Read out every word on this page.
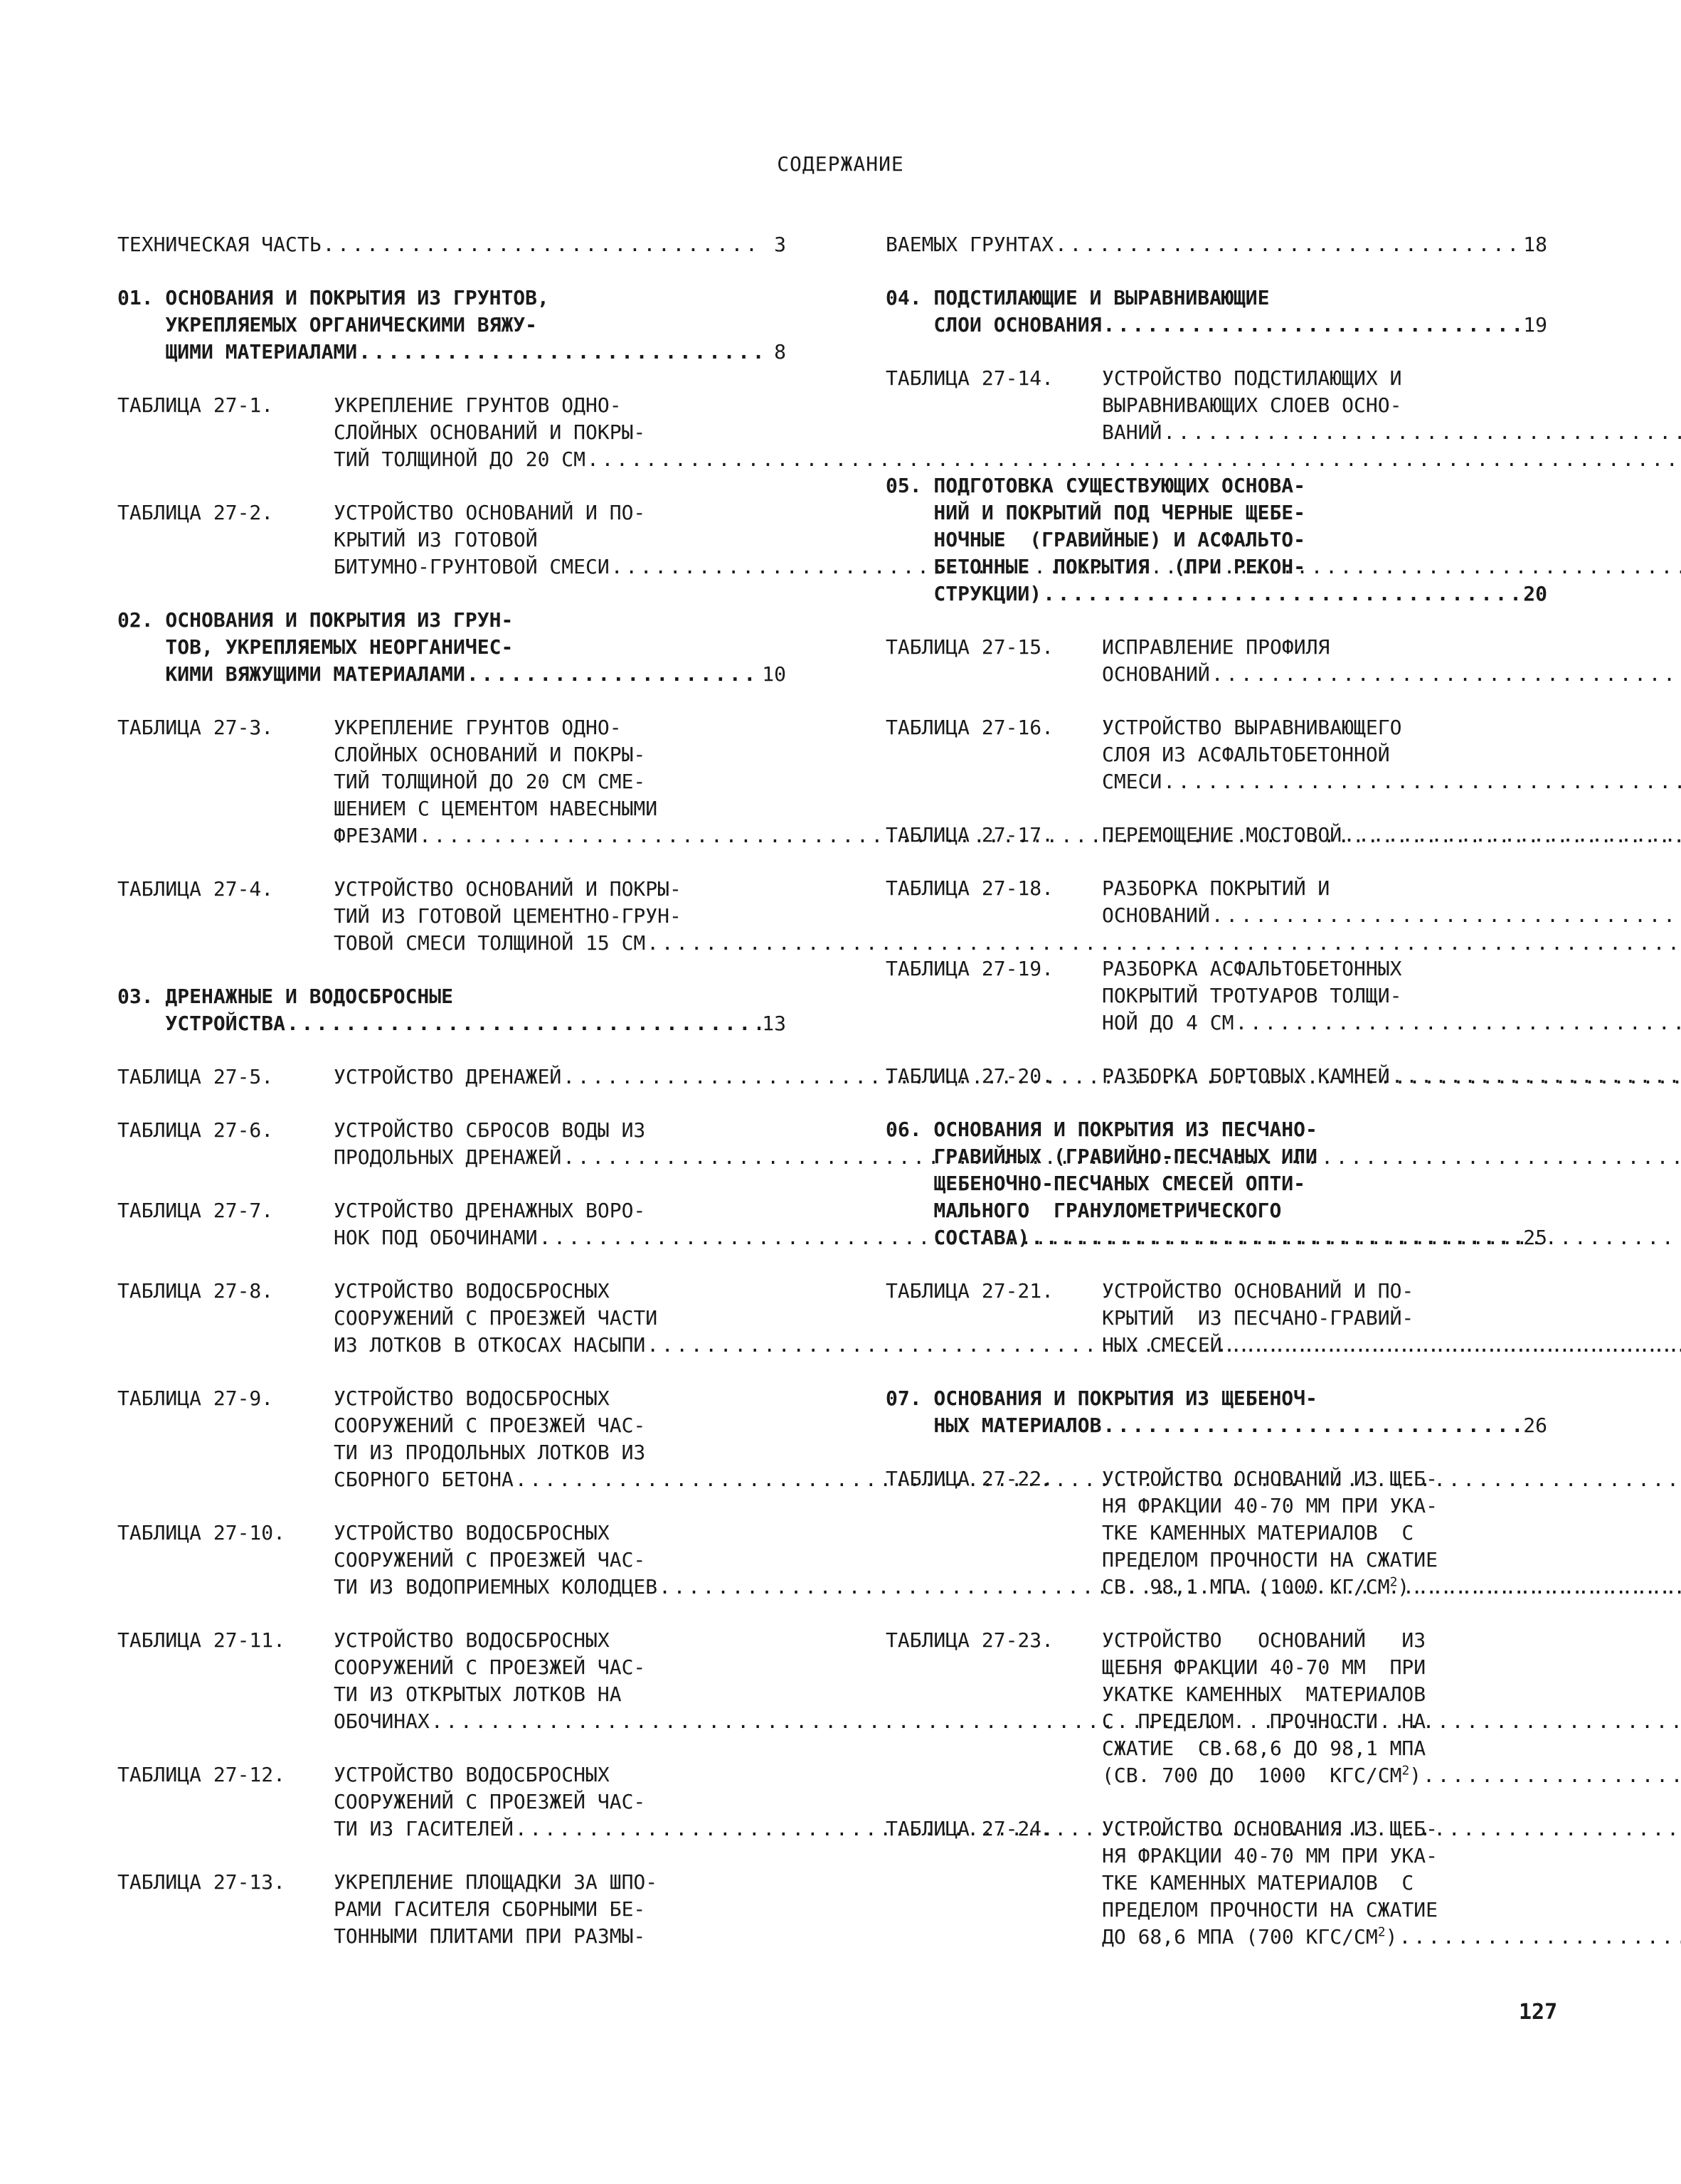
СОДЕРЖАНИЕ
ТЕХНИЧЕСКАЯ ЧАСТЬ .....	3
01. ОСНОВАНИЯ И ПОКРЫТИЯ ИЗ ГРУНТОВ,
УКРЕПЛЯЕМЫХ ОРГАНИЧЕСКИМИ ВЯЖУ-
ЩИМИ МАТЕРИАЛАМИ .....	8
ТАБЛИЦА 27-1.	УКРЕПЛЕНИЕ ГРУНТОВ ОДНО-
СЛОЙНЫХ ОСНОВАНИЙ И ПОКРЫ-
ТИЙ ТОЛЩИНОЙ ДО 20 СМ
.....
ТАБЛИЦА 27-2.	УСТРОЙСТВО ОСНОВАНИЙ И ПО-
КРЫТИЙ ИЗ ГОТОВОЙ
БИТУМНО-ГРУНТОВОЙ СМЕСИ
.....
02. ОСНОВАНИЯ И ПОКРЫТИЯ ИЗ ГРУН-
ТОВ, УКРЕПЛЯЕМЫХ НЕОРГАНИЧЕС-
КИМИ ВЯЖУЩИМИ МАТЕРИАЛАМИ .....	10
ТАБЛИЦА 27-3.	УКРЕПЛЕНИЕ ГРУНТОВ ОДНО-
СЛОЙНЫХ ОСНОВАНИЙ И ПОКРЫ-
ТИЙ ТОЛЩИНОЙ ДО 20 СМ СМЕ-
ШЕНИЕМ С ЦЕМЕНТОМ НАВЕСНЫМИ
ФРЕЗАМИ
.....
ТАБЛИЦА 27-4.	УСТРОЙСТВО ОСНОВАНИЙ И ПОКРЫ-
ТИЙ ИЗ ГОТОВОЙ ЦЕМЕНТНО-ГРУН-
ТОВОЙ СМЕСИ ТОЛЩИНОЙ 15 СМ
.....
03. ДРЕНАЖНЫЕ И ВОДОСБРОСНЫЕ
УСТРОЙСТВА .....	13
ТАБЛИЦА 27-5.	УСТРОЙСТВО ДРЕНАЖЕЙ
.....
ТАБЛИЦА 27-6.	УСТРОЙСТВО СБРОСОВ ВОДЫ ИЗ
ПРОДОЛЬНЫХ ДРЕНАЖЕЙ
.....
ТАБЛИЦА 27-7.	УСТРОЙСТВО ДРЕНАЖНЫХ ВОРО-
НОК ПОД ОБОЧИНАМИ
.....
ТАБЛИЦА 27-8.	УСТРОЙСТВО ВОДОСБРОСНЫХ
СООРУЖЕНИЙ С ПРОЕЗЖЕЙ ЧАСТИ
ИЗ ЛОТКОВ В ОТКОСАХ НАСЫПИ
.....
ТАБЛИЦА 27-9.	УСТРОЙСТВО ВОДОСБРОСНЫХ
СООРУЖЕНИЙ С ПРОЕЗЖЕЙ ЧАС-
ТИ ИЗ ПРОДОЛЬНЫХ ЛОТКОВ ИЗ
СБОРНОГО БЕТОНА
.....
ТАБЛИЦА 27-10.	УСТРОЙСТВО ВОДОСБРОСНЫХ
СООРУЖЕНИЙ С ПРОЕЗЖЕЙ ЧАС-
ТИ ИЗ ВОДОПРИЕМНЫХ КОЛОДЦЕВ
.....
ТАБЛИЦА 27-11.	УСТРОЙСТВО ВОДОСБРОСНЫХ
СООРУЖЕНИЙ С ПРОЕЗЖЕЙ ЧАС-
ТИ ИЗ ОТКРЫТЫХ ЛОТКОВ НА
ОБОЧИНАХ
.....
ТАБЛИЦА 27-12.	УСТРОЙСТВО ВОДОСБРОСНЫХ
СООРУЖЕНИЙ С ПРОЕЗЖЕЙ ЧАС-
ТИ ИЗ ГАСИТЕЛЕЙ
.....
ТАБЛИЦА 27-13.	УКРЕПЛЕНИЕ ПЛОЩАДКИ ЗА ШПО-
РАМИ ГАСИТЕЛЯ СБОРНЫМИ БЕ-
ТОННЫМИ ПЛИТАМИ ПРИ РАЗМЫ-
ВАЕМЫХ ГРУНТАХ .....	18
04. ПОДСТИЛАЮЩИЕ И ВЫРАВНИВАЮЩИЕ
СЛОИ ОСНОВАНИЯ .....	19
ТАБЛИЦА 27-14.	УСТРОЙСТВО ПОДСТИЛАЮЩИХ И
ВЫРАВНИВАЮЩИХ СЛОЕВ ОСНО-
ВАНИЙ
.....
05. ПОДГОТОВКА СУЩЕСТВУЮЩИХ ОСНОВА-
НИЙ И ПОКРЫТИЙ ПОД ЧЕРНЫЕ ЩЕБЕ-
НОЧНЫЕ  (ГРАВИЙНЫЕ) И АСФАЛЬТО-
БЕТОННЫЕ  ПОКРЫТИЯ  (ПРИ РЕКОН-
СТРУКЦИИ) .....	20
ТАБЛИЦА 27-15.	ИСПРАВЛЕНИЕ ПРОФИЛЯ
ОСНОВАНИЙ
.....
ТАБЛИЦА 27-16.	УСТРОЙСТВО ВЫРАВНИВАЮЩЕГО
СЛОЯ ИЗ АСФАЛЬТОБЕТОННОЙ
СМЕСИ
.....
ТАБЛИЦА 27-17.	ПЕРЕМОЩЕНИЕ МОСТОВОЙ
.....
ТАБЛИЦА 27-18.	РАЗБОРКА ПОКРЫТИЙ И
ОСНОВАНИЙ
.....
ТАБЛИЦА 27-19.	РАЗБОРКА АСФАЛЬТОБЕТОННЫХ
ПОКРЫТИЙ ТРОТУАРОВ ТОЛЩИ-
НОЙ ДО 4 СМ
.....
ТАБЛИЦА 27-20.	РАЗБОРКА БОРТОВЫХ КАМНЕЙ
.....
06. ОСНОВАНИЯ И ПОКРЫТИЯ ИЗ ПЕСЧАНО-
ГРАВИЙНЫХ (ГРАВИЙНО-ПЕСЧАНЫХ ИЛИ
ЩЕБЕНОЧНО-ПЕСЧАНЫХ СМЕСЕЙ ОПТИ-
МАЛЬНОГО  ГРАНУЛОМЕТРИЧЕСКОГО
СОСТАВА) .....	25
ТАБЛИЦА 27-21.	УСТРОЙСТВО ОСНОВАНИЙ И ПО-
КРЫТИЙ  ИЗ ПЕСЧАНО-ГРАВИЙ-
НЫХ СМЕСЕЙ
.....
07. ОСНОВАНИЯ И ПОКРЫТИЯ ИЗ ЩЕБЕНОЧ-
НЫХ МАТЕРИАЛОВ .....	26
ТАБЛИЦА 27-22.	УСТРОЙСТВО ОСНОВАНИЙ ИЗ ЩЕБ-
НЯ ФРАКЦИИ 40-70 ММ ПРИ УКА-
ТКЕ КАМЕННЫХ МАТЕРИАЛОВ  С
ПРЕДЕЛОМ ПРОЧНОСТИ НА СЖАТИЕ
СВ. 98,1 МПА (1000 $КГ/СМ^2$)
.....
ТАБЛИЦА 27-23.	УСТРОЙСТВО   ОСНОВАНИЙ   ИЗ
ЩЕБНЯ ФРАКЦИИ 40-70 ММ  ПРИ
УКАТКЕ КАМЕННЫХ  МАТЕРИАЛОВ
С  ПРЕДЕЛОМ   ПРОЧНОСТИ  НА
СЖАТИЕ  СВ.68,6 ДО 98,1 МПА
(СВ. 700 ДО  1000  КГС/$СМ^2$)
.....
ТАБЛИЦА 27-24.	УСТРОЙСТВО ОСНОВАНИЯ ИЗ ЩЕБ-
НЯ ФРАКЦИИ 40-70 ММ ПРИ УКА-
ТКЕ КАМЕННЫХ МАТЕРИАЛОВ  С
ПРЕДЕЛОМ ПРОЧНОСТИ НА СЖАТИЕ
ДО 68,6 МПА (700 КГС/$СМ^2$)
.....
127
